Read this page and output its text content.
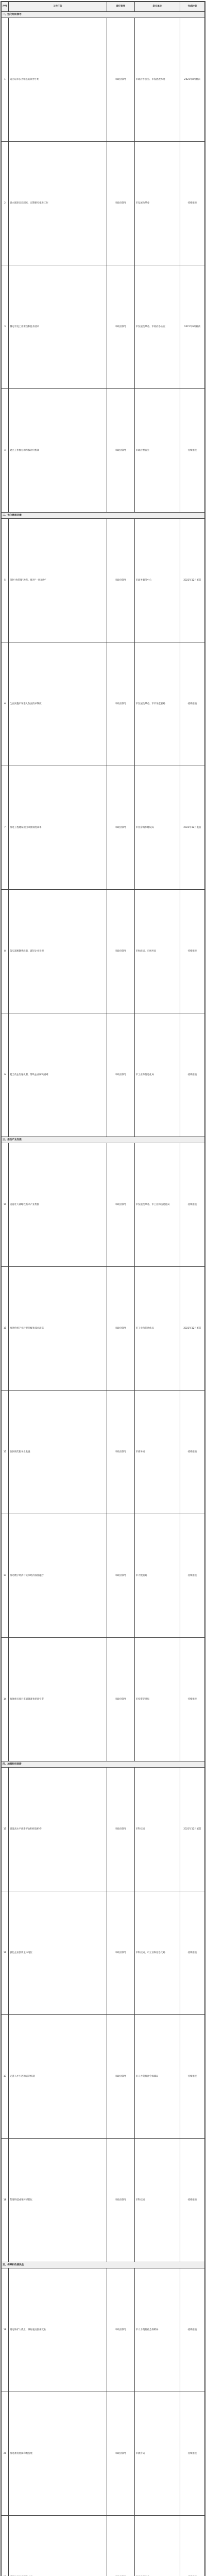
序号	工作任务	责任领导	牵头单位	完成时限
一、强化组织领导				
1	成立以市长为组长的领导小组	市政府领导	市政府办公室、市发展改革委	2021年8月底前
2	建立联席会议制度，定期研究推进工作	市政府领导	市发展改革委	持续推进
3	制定年度工作要点和任务清单	市政府领导	市发展改革委、市政府办公室	2021年9月底前
4	建立工作督办和考核评价机制	市政府领导	市政府督查室	持续推进
二、优化营商环境				
5	深化“放管服”改革，推进“一网通办”	市政府领导	市政务服务中心	2021年12月底前
6	全面实施市场准入负面清单制度	市政府领导	市发展改革委、市市场监管局	持续推进
7	推进工程建设项目审批制度改革	市政府领导	市住房城乡建设局	2021年12月底前
8	落实减税降费政策，减轻企业负担	市政府领导	市财政局、市税务局	持续推进
9	健全政企沟通机制，帮助企业解决困难	市政府领导	市工业和信息化局	持续推进
三、推动产业发展				
10	培育壮大战略性新兴产业集群	市政府领导	市发展改革委、市工业和信息化局	持续推进
11	推进传统产业转型升级和技术改造	市政府领导	市工业和信息化局	2021年12月底前
12	加快现代服务业发展	市政府领导	市商务局	持续推进
13	推动数字经济与实体经济深度融合	市政府领导	市大数据局	持续推进
14	加强重点项目谋划储备和招商引资	市政府领导	市投资促进局	持续推进
四、加强科技创新				
15	建设高水平创新平台和研发机构	市政府领导	市科技局	2021年12月底前
16	强化企业创新主体地位	市政府领导	市科技局、市工业和信息化局	持续推进
17	完善人才引进和培养机制	市政府领导	市人力资源社会保障局	持续推进
18	促进科技成果转移转化	市政府领导	市科技局	持续推进
五、保障和改善民生				
19	稳定和扩大就业，做好重点群体就业	市政府领导	市人力资源社会保障局	持续推进
20	推进教育优质均衡发展	市政府领导	市教育局	持续推进
